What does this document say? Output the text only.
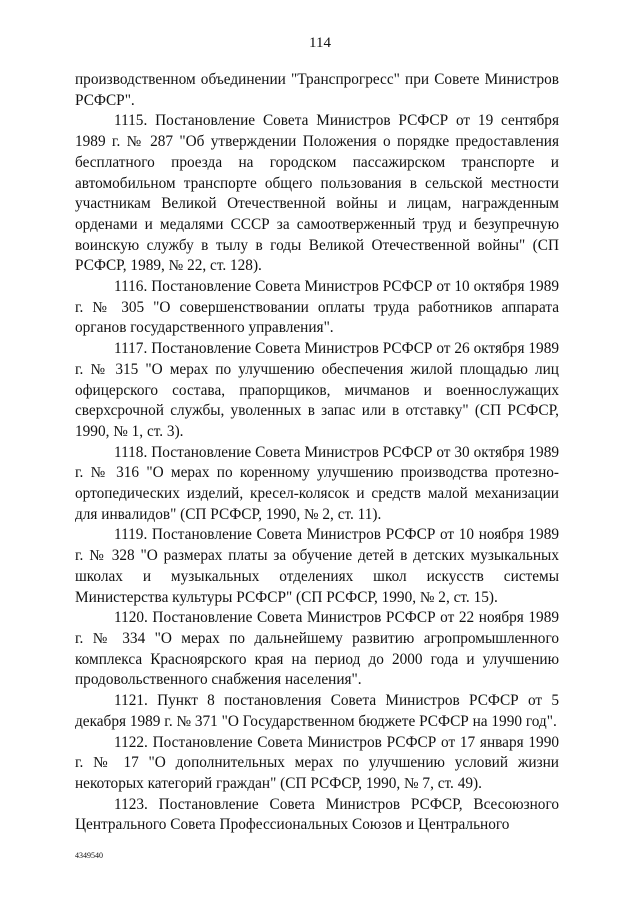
114

производственном объединении "Транспрогресс" при Совете Министров РСФСР".

1115. Постановление Совета Министров РСФСР от 19 сентября 1989 г. № 287 "Об утверждении Положения о порядке предоставления бесплатного проезда на городском пассажирском транспорте и автомобильном транспорте общего пользования в сельской местности участникам Великой Отечественной войны и лицам, награжденным орденами и медалями СССР за самоотверженный труд и безупречную воинскую службу в тылу в годы Великой Отечественной войны" (СП РСФСР, 1989, № 22, ст. 128).

1116. Постановление Совета Министров РСФСР от 10 октября 1989 г. № 305 "О совершенствовании оплаты труда работников аппарата органов государственного управления".

1117. Постановление Совета Министров РСФСР от 26 октября 1989 г. № 315 "О мерах по улучшению обеспечения жилой площадью лиц офицерского состава, прапорщиков, мичманов и военнослужащих сверхсрочной службы, уволенных в запас или в отставку" (СП РСФСР, 1990, № 1, ст. 3).

1118. Постановление Совета Министров РСФСР от 30 октября 1989 г. № 316 "О мерах по коренному улучшению производства протезно-ортопедических изделий, кресел-колясок и средств малой механизации для инвалидов" (СП РСФСР, 1990, № 2, ст. 11).

1119. Постановление Совета Министров РСФСР от 10 ноября 1989 г. № 328 "О размерах платы за обучение детей в детских музыкальных школах и музыкальных отделениях школ искусств системы Министерства культуры РСФСР" (СП РСФСР, 1990, № 2, ст. 15).

1120. Постановление Совета Министров РСФСР от 22 ноября 1989 г. № 334 "О мерах по дальнейшему развитию агропромышленного комплекса Красноярского края на период до 2000 года и улучшению продовольственного снабжения населения".

1121. Пункт 8 постановления Совета Министров РСФСР от 5 декабря 1989 г. № 371 "О Государственном бюджете РСФСР на 1990 год".

1122. Постановление Совета Министров РСФСР от 17 января 1990 г. № 17 "О дополнительных мерах по улучшению условий жизни некоторых категорий граждан" (СП РСФСР, 1990, № 7, ст. 49).

1123. Постановление Совета Министров РСФСР, Всесоюзного Центрального Совета Профессиональных Союзов и Центрального

4349540
